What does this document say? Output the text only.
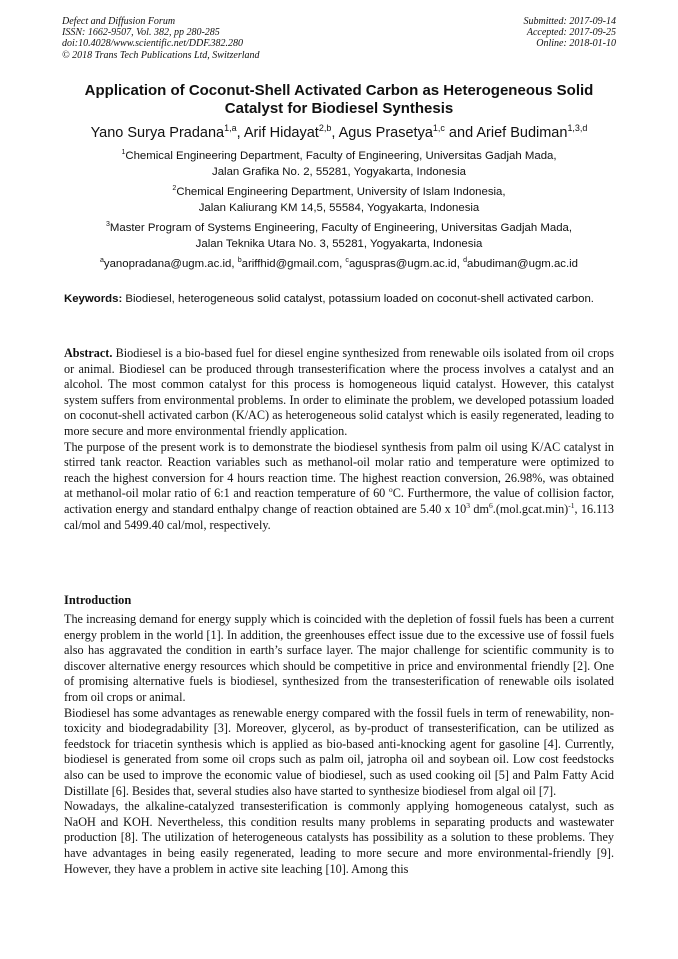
Defect and Diffusion Forum
ISSN: 1662-9507, Vol. 382, pp 280-285
doi:10.4028/www.scientific.net/DDF.382.280
© 2018 Trans Tech Publications Ltd, Switzerland
Submitted: 2017-09-14
Accepted: 2017-09-25
Online: 2018-01-10
Application of Coconut-Shell Activated Carbon as Heterogeneous Solid
Catalyst for Biodiesel Synthesis
Yano Surya Pradana$^{1,a}$, Arif Hidayat$^{2,b}$, Agus Prasetya$^{1,c}$ and Arief Budiman$^{1,3,d}$
$^1$Chemical Engineering Department, Faculty of Engineering, Universitas Gadjah Mada,
Jalan Grafika No. 2, 55281, Yogyakarta, Indonesia
$^2$Chemical Engineering Department, University of Islam Indonesia,
Jalan Kaliurang KM 14,5, 55584, Yogyakarta, Indonesia
$^3$Master Program of Systems Engineering, Faculty of Engineering, Universitas Gadjah Mada,
Jalan Teknika Utara No. 3, 55281, Yogyakarta, Indonesia
$^a$yanopradana@ugm.ac.id, $^b$ariffhid@gmail.com, $^c$aguspras@ugm.ac.id, $^d$abudiman@ugm.ac.id
Keywords: Biodiesel, heterogeneous solid catalyst, potassium loaded on coconut-shell activated carbon.

Abstract. Biodiesel is a bio-based fuel for diesel engine synthesized from renewable oils isolated from oil crops or animal. Biodiesel can be produced through transesterification where the process involves a catalyst and an alcohol. The most common catalyst for this process is homogeneous liquid catalyst. However, this catalyst system suffers from environmental problems. In order to eliminate the problem, we developed potassium loaded on coconut-shell activated carbon (K/AC) as heterogeneous solid catalyst which is easily regenerated, leading to more secure and more environmental friendly application.

The purpose of the present work is to demonstrate the biodiesel synthesis from palm oil using K/AC catalyst in stirred tank reactor. Reaction variables such as methanol-oil molar ratio and temperature were optimized to reach the highest conversion for 4 hours reaction time. The highest reaction conversion, 26.98%, was obtained at methanol-oil molar ratio of 6:1 and reaction temperature of 60 $^o$C. Furthermore, the value of collision factor, activation energy and standard enthalpy change of reaction obtained are 5.40 x $10^3$ $dm^6.(mol.gcat.\min)^{-1}$, 16.113 cal/mol and 5499.40 cal/mol, respectively.

Introduction

The increasing demand for energy supply which is coincided with the depletion of fossil fuels has been a current energy problem in the world [1]. In addition, the greenhouses effect issue due to the excessive use of fossil fuels also has aggravated the condition in earth’s surface layer. The major challenge for scientific community is to discover alternative energy resources which should be competitive in price and environmental friendly [2]. One of promising alternative fuels is biodiesel, synthesized from the transesterification of renewable oils isolated from oil crops or animal.

Biodiesel has some advantages as renewable energy compared with the fossil fuels in term of renewability, non-toxicity and biodegradability [3]. Moreover, glycerol, as by-product of transesterification, can be utilized as feedstock for triacetin synthesis which is applied as bio-based anti-knocking agent for gasoline [4]. Currently, biodiesel is generated from some oil crops such as palm oil, jatropha oil and soybean oil. Low cost feedstocks also can be used to improve the economic value of biodiesel, such as used cooking oil [5] and Palm Fatty Acid Distillate [6]. Besides that, several studies also have started to synthesize biodiesel from algal oil [7].

Nowadays, the alkaline-catalyzed transesterification is commonly applying homogeneous catalyst, such as NaOH and KOH. Nevertheless, this condition results many problems in separating products and wastewater production [8]. The utilization of heterogeneous catalysts has possibility as a solution to these problems. They have advantages in being easily regenerated, leading to more secure and more environmental-friendly [9]. However, they have a problem in active site leaching [10]. Among this
